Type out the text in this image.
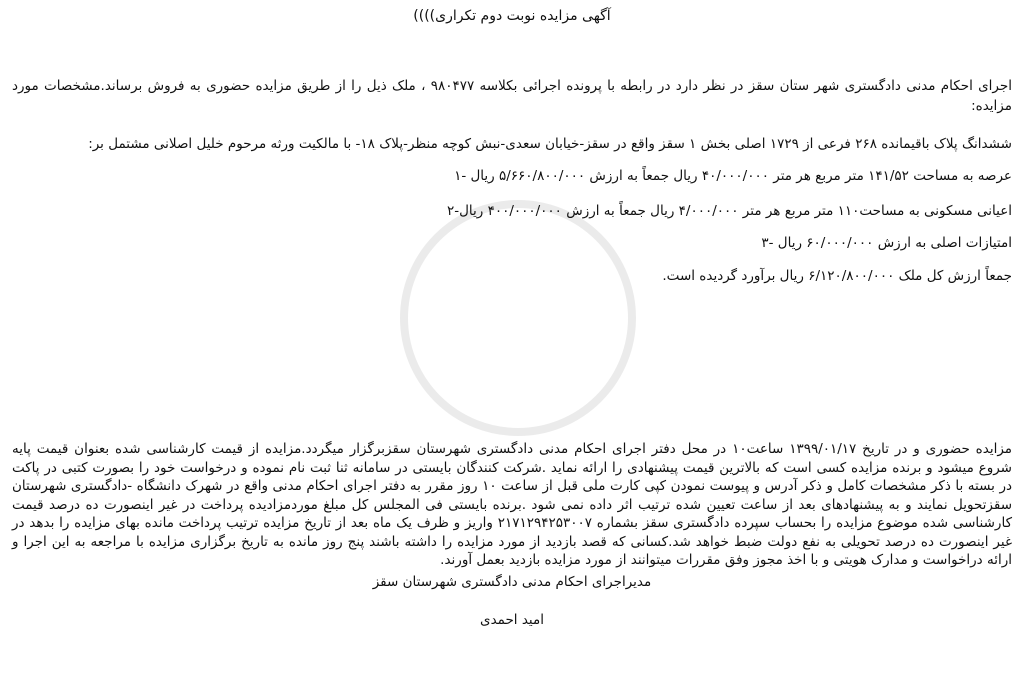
آگهی مزایده نوبت دوم تکراری))))
اجرای احکام مدنی دادگستری شهر ستان سقز در نظر دارد در رابطه با پرونده اجرائی بکلاسه ۹۸۰۴۷۷ ، ملک ذیل را از طریق مزایده حضوری به فروش برساند.مشخصات مورد مزایده:
ششدانگ پلاک باقیمانده ۲۶۸ فرعی از ۱۷۲۹ اصلی بخش ۱ سقز واقع در سقز-خیابان سعدی-نبش کوچه منظر-پلاک ۱۸- با مالکیت ورثه مرحوم خلیل اصلانی مشتمل بر:
عرصه به مساحت ۱۴۱/۵۲ متر مربع هر متر ۴۰/۰۰۰/۰۰۰ ریال جمعاً به ارزش ۵/۶۶۰/۸۰۰/۰۰۰ ریال -۱
اعیانی مسکونی به مساحت۱۱۰ متر مربع هر متر ۴/۰۰۰/۰۰۰ ریال جمعاً به ارزش ۴۰۰/۰۰۰/۰۰۰ ریال-۲
امتیازات اصلی به ارزش ۶۰/۰۰۰/۰۰۰ ریال -۳
جمعاً ارزش کل ملک ۶/۱۲۰/۸۰۰/۰۰۰ ریال برآورد گردیده است.
مزایده حضوری و در تاریخ ۱۳۹۹/۰۱/۱۷ ساعت۱۰ در محل دفتر اجرای احکام مدنی دادگستری شهرستان سقزبرگزار میگردد.مزایده از قیمت کارشناسی شده بعنوان قیمت پایه شروع میشود و برنده مزایده کسی است که بالاترین قیمت پیشنهادی را ارائه نماید .شرکت کنندگان بایستی در سامانه ثنا ثبت نام نموده و درخواست خود را بصورت کتبی در پاکت در بسته با ذکر مشخصات کامل و ذکر آدرس و پیوست نمودن کپی کارت ملی قبل از ساعت ۱۰ روز مقرر به دفتر اجرای احکام مدنی واقع در شهرک دانشگاه -دادگستری شهرستان سقزتحویل نمایند و به پیشنهادهای بعد از ساعت تعیین شده ترتیب اثر داده نمی شود .برنده بایستی فی المجلس کل مبلغ موردمزادیده پرداخت در غیر اینصورت ده درصد قیمت کارشناسی شده موضوع مزایده را بحساب سپرده دادگستری سقز بشماره ۲۱۷۱۲۹۴۲۵۳۰۰۷ واریز و ظرف یک ماه بعد از تاریخ مزایده ترتیب پرداخت مانده بهای مزایده را بدهد در غیر اینصورت ده درصد تحویلی به نفع دولت ضبط خواهد شد.کسانی که قصد بازدید از مورد مزایده را داشته باشند پنج روز مانده به تاریخ برگزاری مزایده با مراجعه به این اجرا و ارائه دراخواست و مدارک هویتی و با اخذ مجوز وفق مقررات میتوانند از مورد مزایده بازدید بعمل آورند.
مدیراجرای احکام مدنی دادگستری شهرستان سقز
امید احمدی
